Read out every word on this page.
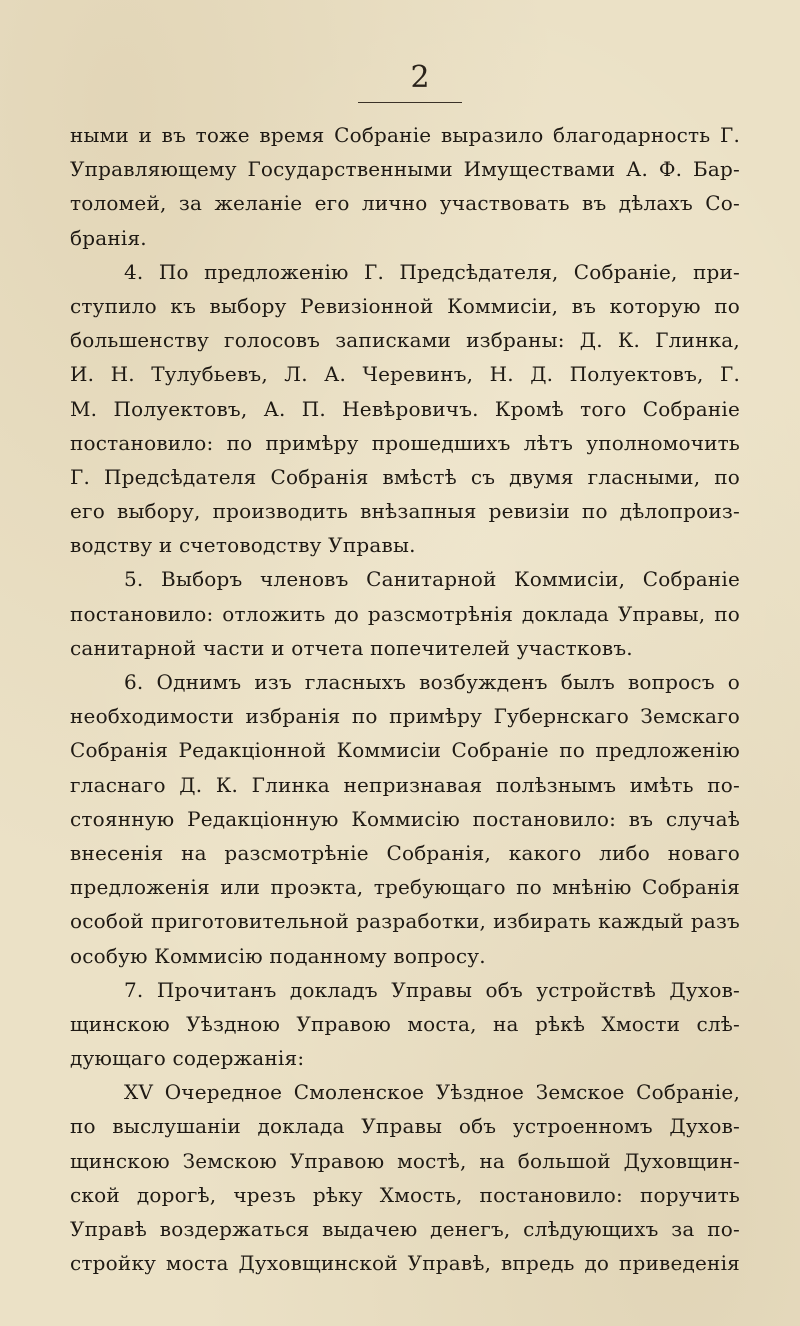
2
ными и въ тоже время Собраніе выразило благодарность Г.
Управляющему Государственными Имуществами А. Ф. Бар-
толомей, за желаніе его лично участвовать въ дѣлахъ Со-
бранія.
4. По предложенію Г. Предсѣдателя, Собраніе, при-
ступило къ выбору Ревизіонной Коммисіи, въ которую по
большенству голосовъ записками избраны: Д. К. Глинка,
И. Н. Тулубьевъ, Л. А. Черевинъ, Н. Д. Полуектовъ, Г.
М. Полуектовъ, А. П. Невѣровичъ. Кромѣ того Собраніе
постановило: по примѣру прошедшихъ лѣтъ уполномочить
Г. Предсѣдателя Собранія вмѣстѣ съ двумя гласными, по
его выбору, производить внѣзапныя ревизіи по дѣлопроиз-
водству и счетоводству Управы.
5. Выборъ членовъ Санитарной Коммисіи, Собраніе
постановило: отложить до разсмотрѣнія доклада Управы, по
санитарной части и отчета попечителей участковъ.
6. Однимъ изъ гласныхъ возбужденъ былъ вопросъ о
необходимости избранія по примѣру Губернскаго Земскаго
Собранія Редакціонной Коммисіи Собраніе по предложенію
гласнаго Д. К. Глинка непризнавая полѣзнымъ имѣть по-
стоянную Редакціонную Коммисію постановило: въ случаѣ
внесенія на разсмотрѣніе Собранія, какого либо новаго
предложенія или проэкта, требующаго по мнѣнію Собранія
особой приготовительной разработки, избирать каждый разъ
особую Коммисію поданному вопросу.
7. Прочитанъ докладъ Управы объ устройствѣ Духов-
щинскою Уѣздною Управою моста, на рѣкѣ Хмости слѣ-
дующаго содержанія:
XV Очередное Смоленское Уѣздное Земское Собраніе,
по выслушаніи доклада Управы объ устроенномъ Духов-
щинскою Земскою Управою мостѣ, на большой Духовщин-
ской дорогѣ, чрезъ рѣку Хмость, постановило: поручить
Управѣ воздержаться выдачею денегъ, слѣдующихъ за по-
стройку моста Духовщинской Управѣ, впредь до приведенія
